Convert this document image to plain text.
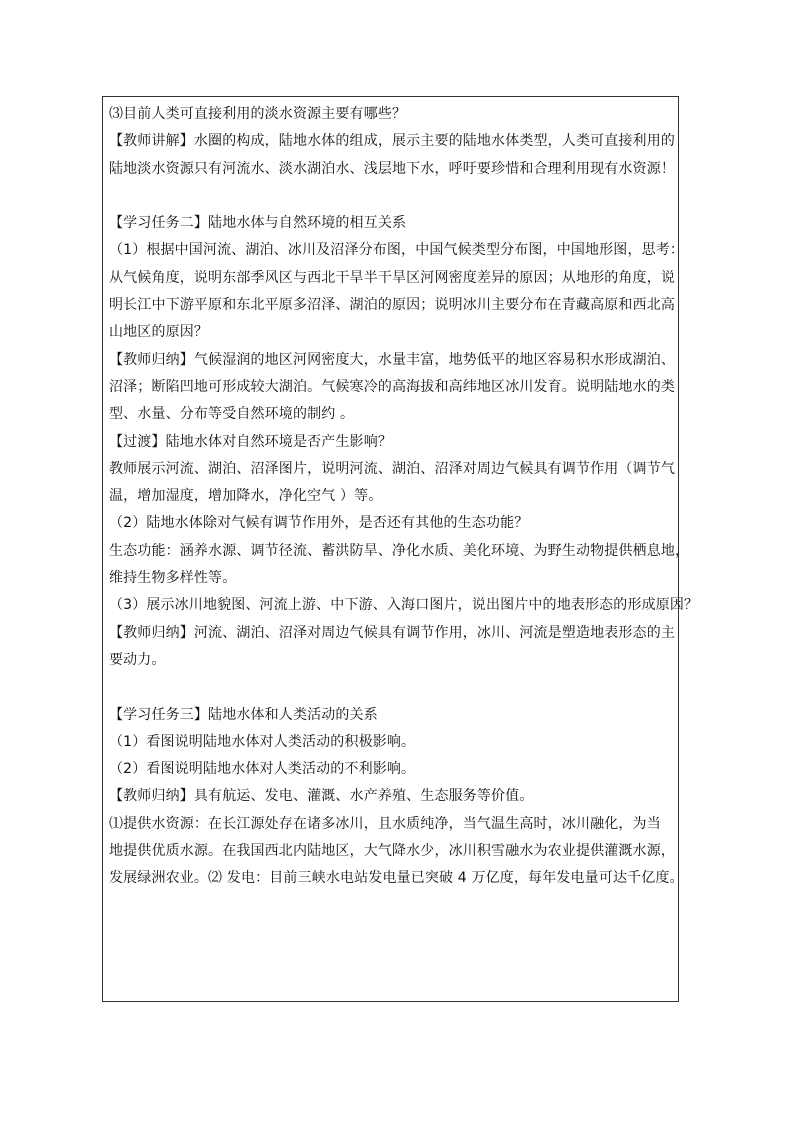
⑶目前人类可直接利用的淡水资源主要有哪些？
【教师讲解】水圈的构成，陆地水体的组成，展示主要的陆地水体类型，人类可直接利用的
陆地淡水资源只有河流水、淡水湖泊水、浅层地下水，呼吁要珍惜和合理利用现有水资源！
【学习任务二】陆地水体与自然环境的相互关系
（1）根据中国河流、湖泊、冰川及沼泽分布图，中国气候类型分布图，中国地形图，思考：
从气候角度，说明东部季风区与西北干旱半干旱区河网密度差异的原因；从地形的角度，说
明长江中下游平原和东北平原多沼泽、湖泊的原因；说明冰川主要分布在青藏高原和西北高
山地区的原因？
【教师归纳】气候湿润的地区河网密度大，水量丰富，地势低平的地区容易积水形成湖泊、
沼泽；断陷凹地可形成较大湖泊。气候寒冷的高海拔和高纬地区冰川发育。说明陆地水的类
型、水量、分布等受自然环境的制约 。
【过渡】陆地水体对自然环境是否产生影响？
教师展示河流、湖泊、沼泽图片，说明河流、湖泊、沼泽对周边气候具有调节作用（调节气
温，增加湿度，增加降水，净化空气 ）等。
（2）陆地水体除对气候有调节作用外，是否还有其他的生态功能？
生态功能：涵养水源、调节径流、蓄洪防旱、净化水质、美化环境、为野生动物提供栖息地，
维持生物多样性等。
（3）展示冰川地貌图、河流上游、中下游、入海口图片，说出图片中的地表形态的形成原因？
【教师归纳】河流、湖泊、沼泽对周边气候具有调节作用，冰川、河流是塑造地表形态的主
要动力。
【学习任务三】陆地水体和人类活动的关系
（1）看图说明陆地水体对人类活动的积极影响。
（2）看图说明陆地水体对人类活动的不利影响。
【教师归纳】具有航运、发电、灌溉、水产养殖、生态服务等价值。
⑴提供水资源：在长江源处存在诸多冰川，且水质纯净，当气温生高时，冰川融化，为当
地提供优质水源。在我国西北内陆地区，大气降水少，冰川积雪融水为农业提供灌溉水源，
发展绿洲农业。⑵ 发电：目前三峡水电站发电量已突破 4 万亿度，每年发电量可达千亿度。
